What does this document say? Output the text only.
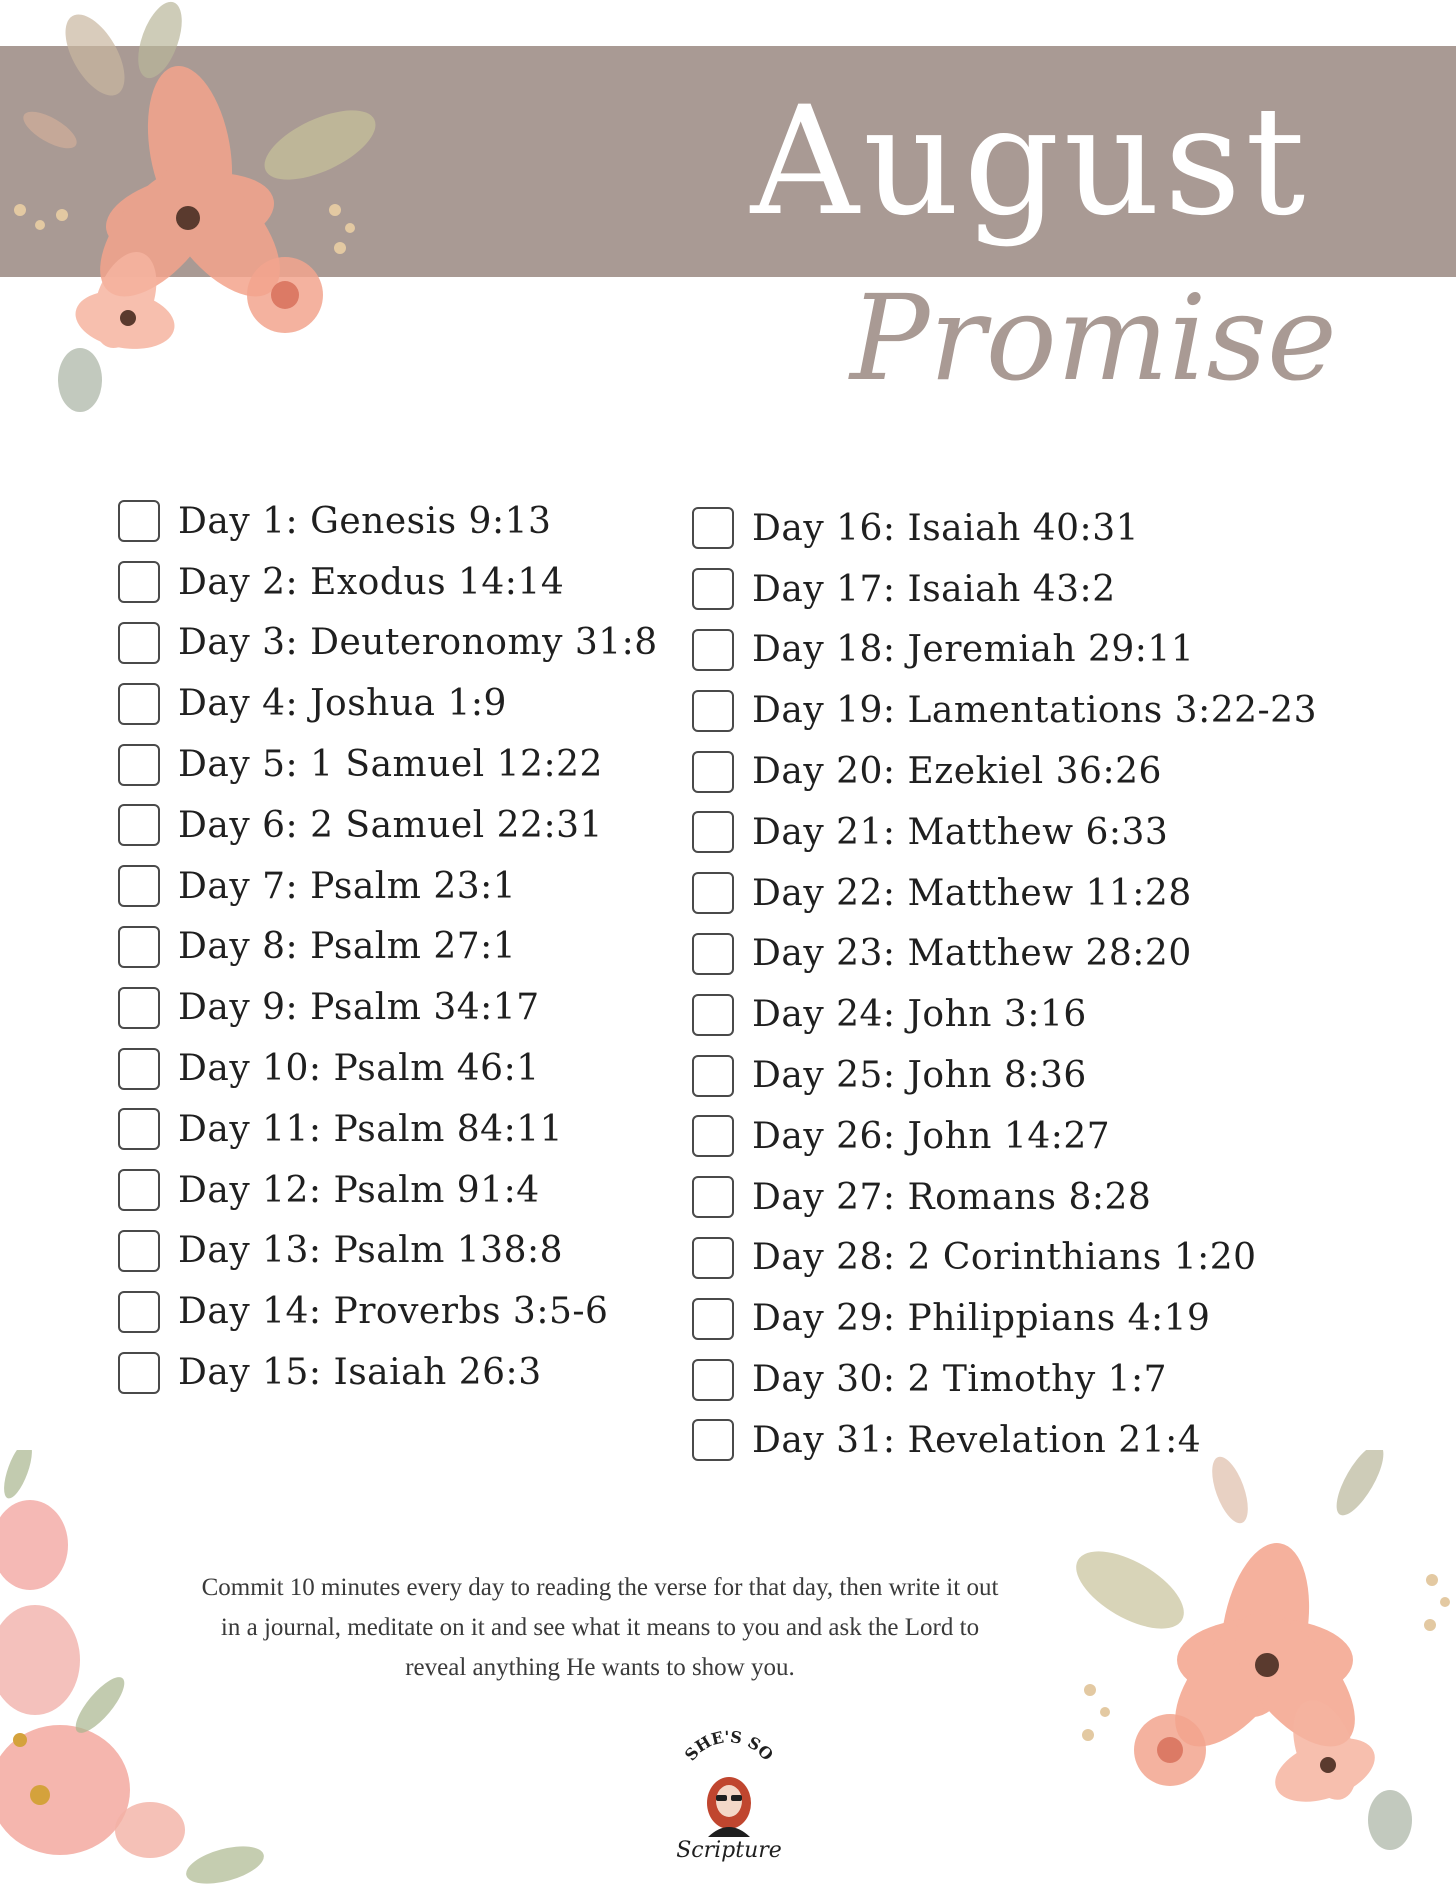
August
Promise
Day 1: Genesis 9:13
Day 2: Exodus 14:14
Day 3: Deuteronomy 31:8
Day 4: Joshua 1:9
Day 5: 1 Samuel 12:22
Day 6: 2 Samuel 22:31
Day 7: Psalm 23:1
Day 8: Psalm 27:1
Day 9: Psalm 34:17
Day 10: Psalm 46:1
Day 11: Psalm 84:11
Day 12: Psalm 91:4
Day 13: Psalm 138:8
Day 14: Proverbs 3:5-6
Day 15: Isaiah 26:3
Day 16: Isaiah 40:31
Day 17: Isaiah 43:2
Day 18: Jeremiah 29:11
Day 19: Lamentations 3:22-23
Day 20: Ezekiel 36:26
Day 21: Matthew 6:33
Day 22: Matthew 11:28
Day 23: Matthew 28:20
Day 24: John 3:16
Day 25: John 8:36
Day 26: John 14:27
Day 27: Romans 8:28
Day 28: 2 Corinthians 1:20
Day 29: Philippians 4:19
Day 30: 2 Timothy 1:7
Day 31: Revelation 21:4
Commit 10 minutes every day to reading the verse for that day, then write it out
in a journal, meditate on it and see what it means to you and ask the Lord to
reveal anything He wants to show you.
SHE'S SO
Scripture
